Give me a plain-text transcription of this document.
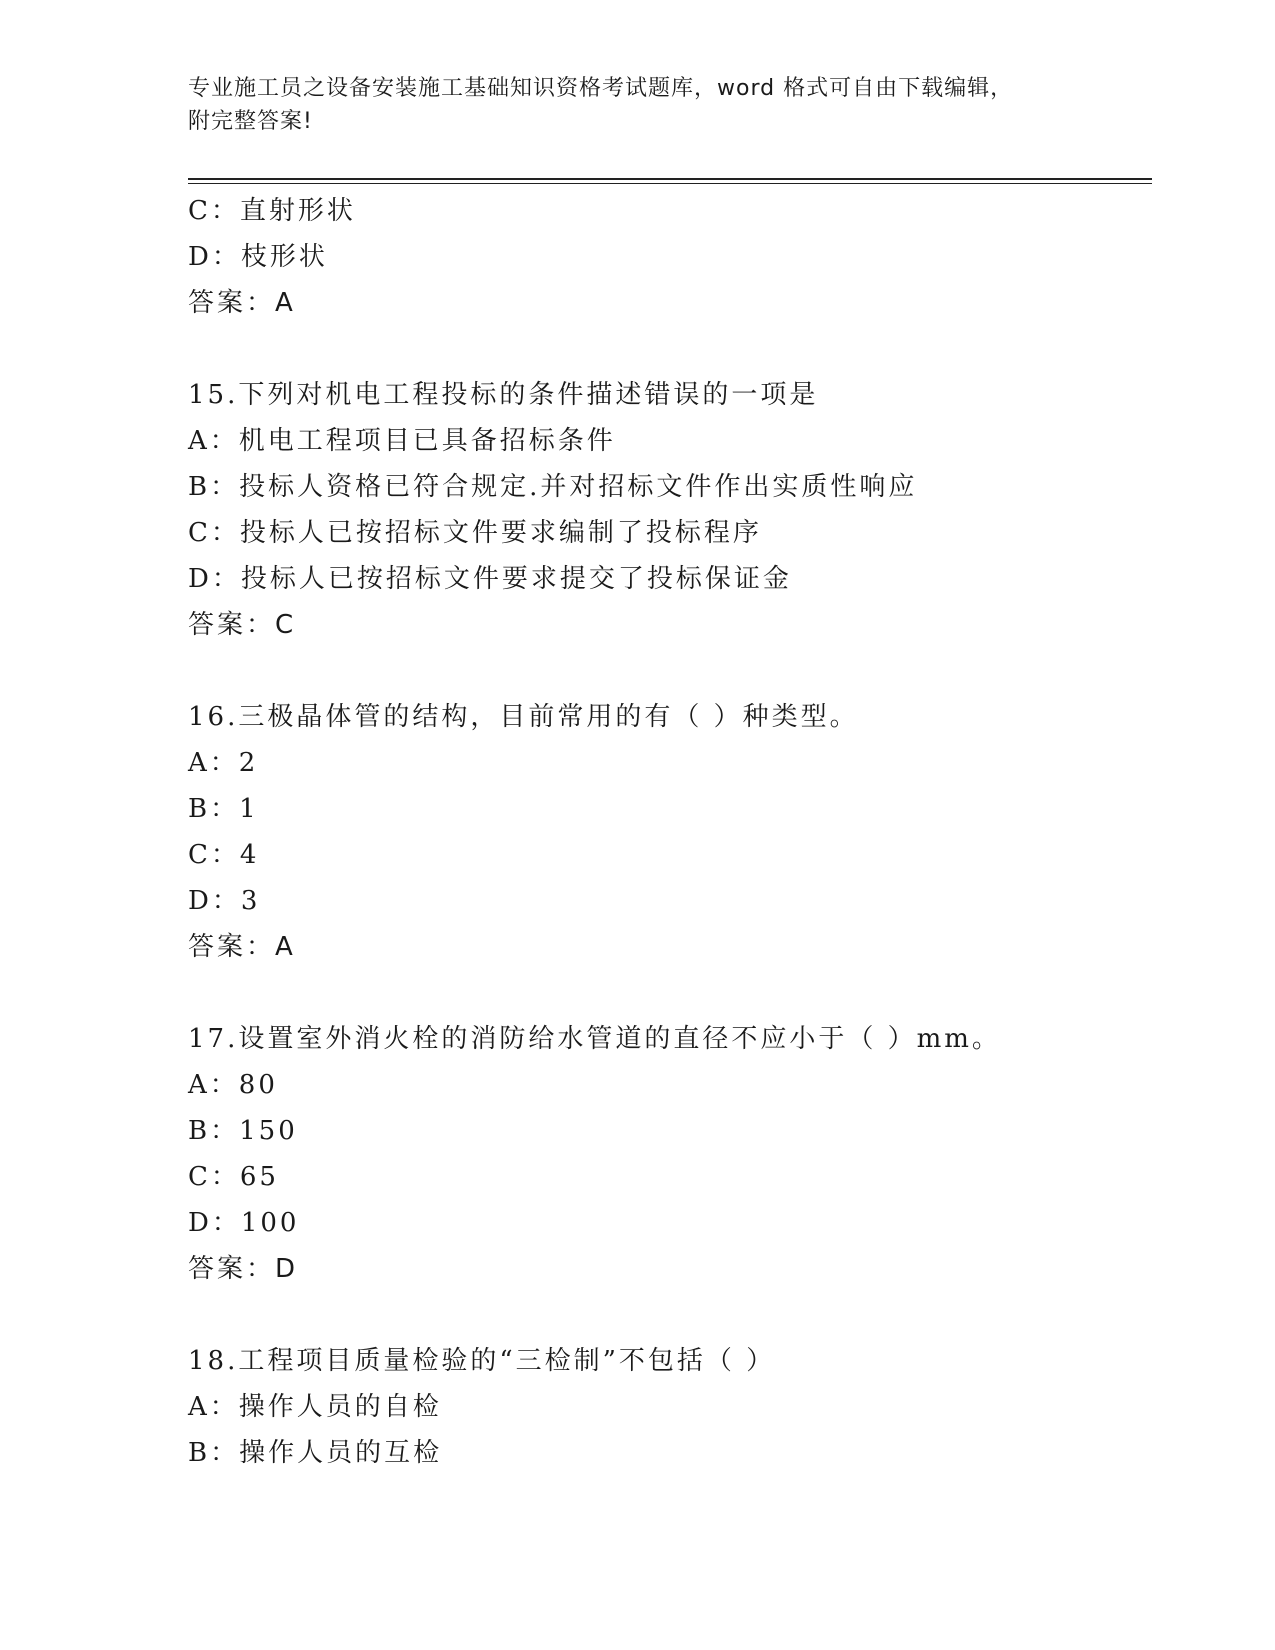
专业施工员之设备安装施工基础知识资格考试题库，word 格式可自由下载编辑，
附完整答案!
C：直射形状
D：枝形状
答案：A
15.下列对机电工程投标的条件描述错误的一项是
A：机电工程项目已具备招标条件
B：投标人资格已符合规定.并对招标文件作出实质性响应
C：投标人已按招标文件要求编制了投标程序
D：投标人已按招标文件要求提交了投标保证金
答案：C
16.三极晶体管的结构，目前常用的有（ ）种类型。
A：2
B：1
C：4
D：3
答案：A
17.设置室外消火栓的消防给水管道的直径不应小于（ ）mm。
A：80
B：150
C：65
D：100
答案：D
18.工程项目质量检验的“三检制”不包括（ ）
A：操作人员的自检
B：操作人员的互检
